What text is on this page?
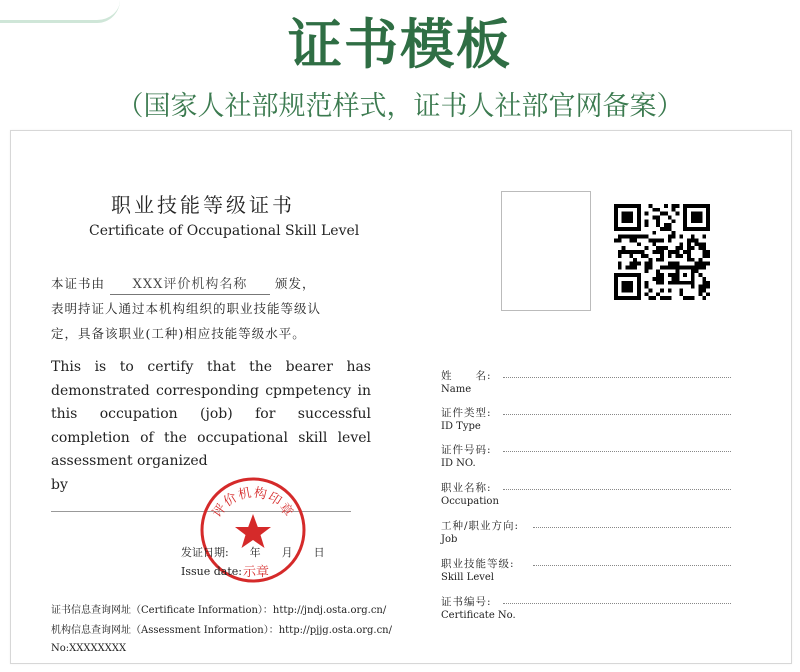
证书模板
（国家人社部规范样式，证书人社部官网备案）
职业技能等级证书
Certificate of Occupational Skill Level
本证书由 XXX评价机构名称 颁发，
表明持证人通过本机构组织的职业技能等级认
定，具备该职业(工种)相应技能等级水平。
This is to certify that the bearer has demonstrated corresponding cpmpetency in this occupation (job) for successful completion of the occupational skill level assessment organized
by
评价机构印章
发证日期:      年      月      日
Issue date: 示章
证书信息查询网址（Certificate Information）：http://jndj.osta.org.cn/
机构信息查询网址（Assessment Information）：http://pjjg.osta.org.cn/
No:XXXXXXXX
姓　　名:
Name
证件类型:
ID Type
证件号码:
ID NO.
职业名称:
Occupation
工种/职业方向:
Job
职业技能等级:
Skill Level
证书编号:
Certificate No.
